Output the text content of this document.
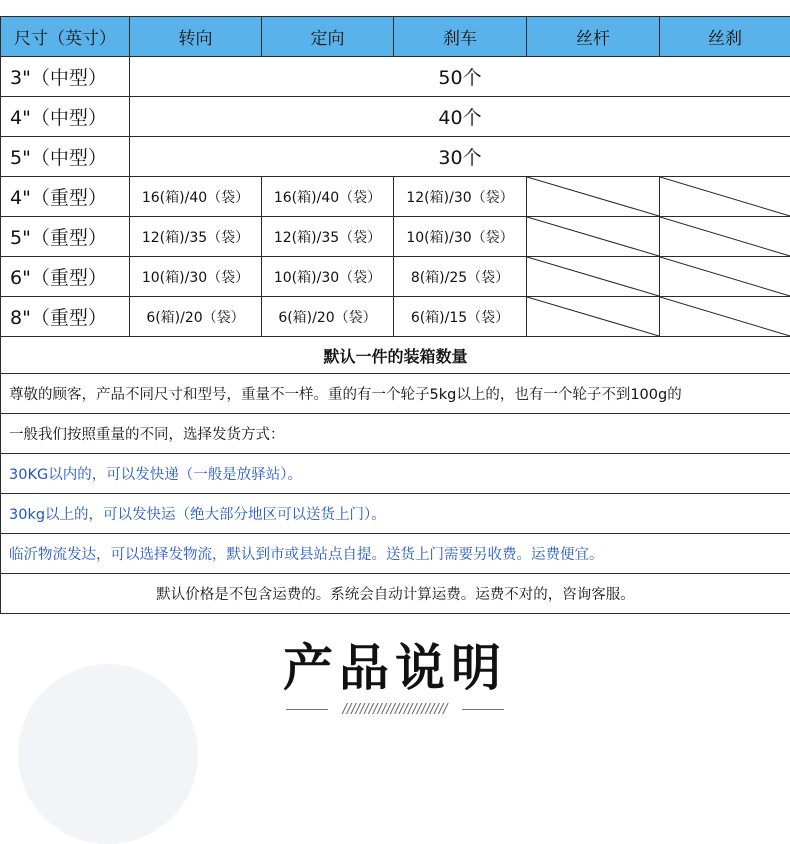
尺寸（英寸）	转向	定向	刹车	丝杆	丝刹
3"（中型）	50个				
4"（中型）	40个				
5"（中型）	30个				
4"（重型）	16(箱)/40（袋）	16(箱)/40（袋）	12(箱)/30（袋）	

5"（重型）	12(箱)/35（袋）	12(箱)/35（袋）	10(箱)/30（袋）	

6"（重型）	10(箱)/30（袋）	10(箱)/30（袋）	8(箱)/25（袋）	

8"（重型）	6(箱)/20（袋）	6(箱)/20（袋）	6(箱)/15（袋）	

默认一件的装箱数量					
尊敬的顾客，产品不同尺寸和型号，重量不一样。重的有一个轮子5kg以上的，也有一个轮子不到100g的					
一般我们按照重量的不同，选择发货方式：					
30KG以内的，可以发快递（一般是放驿站）。					
30kg以上的，可以发快运（绝大部分地区可以送货上门）。					
临沂物流发达，可以选择发物流，默认到市或县站点自提。送货上门需要另收费。运费便宜。					
默认价格是不包含运费的。系统会自动计算运费。运费不对的，咨询客服。					
产品说明
////////////////////////
